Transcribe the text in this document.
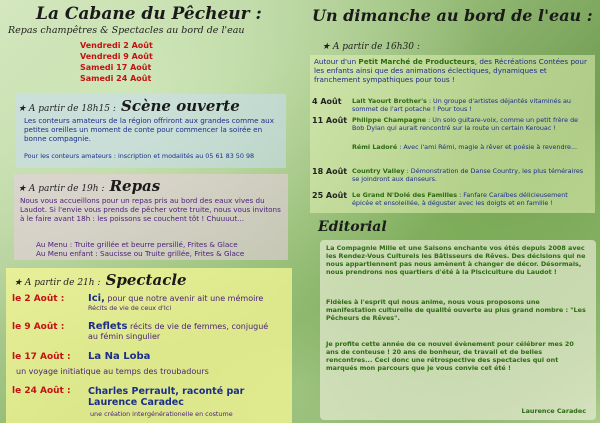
La Cabane du Pêcheur :
Repas champêtres & Spectacles au bord de l'eau
Vendredi 2 Août
Vendredi 9 Août
Samedi 17 Août
Samedi 24 Août
★ A partir de 18h15 : Scène ouverte
Les conteurs amateurs de la région offriront aux grandes comme aux petites oreilles un moment de conte pour commencer la soirée en bonne compagnie.
Pour les conteurs amateurs : inscription et modalités au 05 61 83 50 98
★ A partir de 19h : Repas
Nous vous accueillons pour un repas pris au bord des eaux vives du Laudot. Si l'envie vous prends de pêcher votre truite, nous vous invitons à le faire avant 18h : les poissons se couchent tôt ! Chuuuut...
Au Menu : Truite grillée et beurre persillé, Frites & Glace
Au Menu enfant : Saucisse ou Truite grillée, Frites & Glace
★ A partir de 21h : Spectacle
le 2 Août :	Ici, pour que notre avenir ait une mémoire
Récits de vie de ceux d'Ici
le 9 Août :	Reflets récits de vie de femmes, conjugué
au fémin singulier
le 17 Août :	La Na Loba
un voyage initiatique au temps des troubadours
le 24 Août :	Charles Perrault, raconté par Laurence Caradec
une création intergénérationelle en costume
Un dimanche au bord de l'eau :
★ A partir de 16h30 :
Autour d'un Petit Marché de Producteurs, des Récréations Contées pour les enfants ainsi que des animations éclectiques, dynamiques et franchement sympathiques pour tous !
4 Août	Lait Yaourt Brother's : Un groupe d'artistes déjantés vitaminés au sommet de l'art potache ! Pour tous !
11 Août Philippe Champagne : Un solo guitare-voix, comme un petit frère de Bob Dylan qui aurait rencontré sur la route un certain Kerouac !
Rémi Ladoré : Avec l'ami Rémi, magie à rêver et poésie à revendre...
18 Août Country Valley : Démonstration de Danse Country, les plus téméraires se joindront aux danseurs.
25 Août Le Grand N'Dolé des Familles : Fanfare Caraïbes délicieusement épicée et ensoleillée, à déguster avec les doigts et en famille !
Editorial
La Compagnie Mille et une Saisons enchante vos étés depuis 2008 avec les Rendez-Vous Culturels les Bâtisseurs de Rêves. Des décisions qui ne nous appartiennent pas nous amènent à changer de décor. Désormais, nous prendrons nos quartiers d'été à la Pisciculture du Laudot !
Fidèles à l'esprit qui nous anime, nous vous proposons une manifestation culturelle de qualité ouverte au plus grand nombre : "Les Pêcheurs de Rêves".
Je profite cette année de ce nouvel évènement pour célébrer mes 20 ans de conteuse ! 20 ans de bonheur, de travail et de belles rencontres... Ceci donc une rétrospective des spectacles qui ont marqués mon parcours que je vous convie cet été !
Laurence Caradec
